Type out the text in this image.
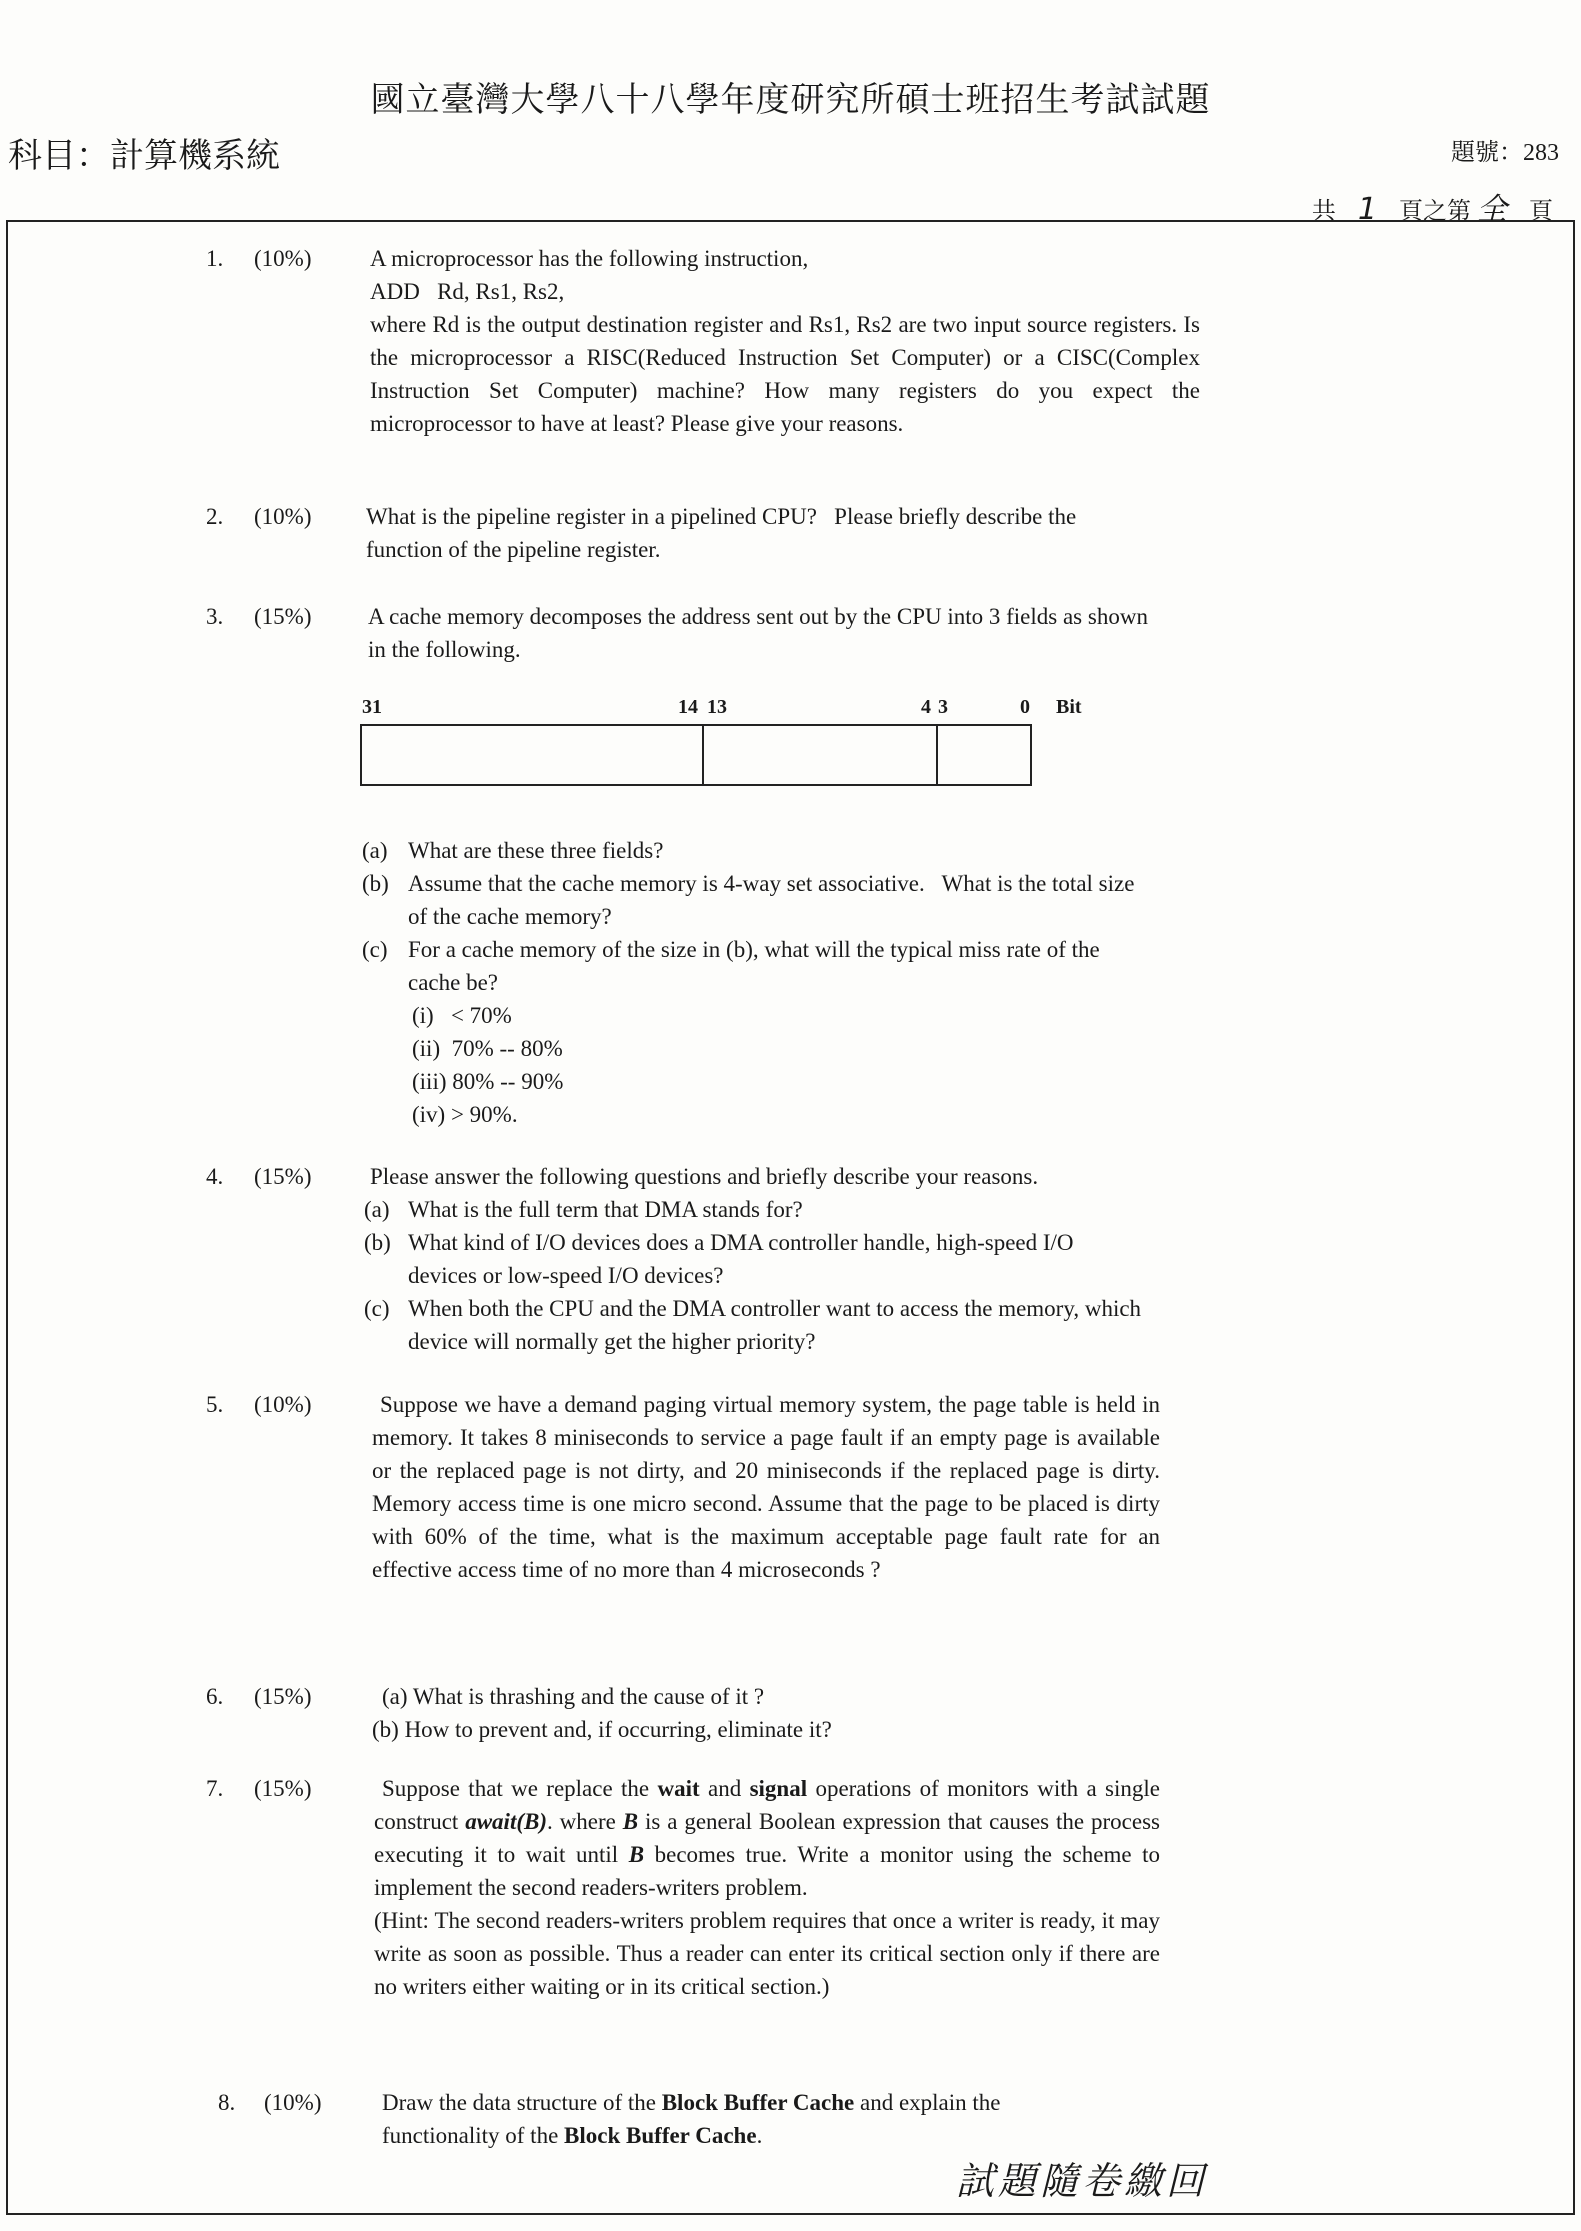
國立臺灣大學八十八學年度研究所碩士班招生考試試題
科目：計算機系統	題號：283
共 1 頁之第 全 頁
1. (10%)	A microprocessor has the following instruction,

ADD   Rd, Rs1, Rs2,

where Rd is the output destination register and Rs1, Rs2 are two input source registers. Is the microprocessor a RISC(Reduced Instruction Set Computer) or a CISC(Complex Instruction Set Computer) machine? How many registers do you expect the microprocessor to have at least? Please give your reasons.

2. (10%) What is the pipeline register in a pipelined CPU?   Please briefly describe the function of the pipeline register.

3. (15%) A cache memory decomposes the address sent out by the CPU into 3 fields as shown in the following.

31	14 13	4 3	0 Bit
(a) What are these three fields?

(b) Assume that the cache memory is 4-way set associative.   What is the total size of the cache memory?

(c) For a cache memory of the size in (b), what will the typical miss rate of the cache be?

(i)   < 70%

(ii)  70% -- 80%

(iii) 80% -- 90%

(iv) > 90%.

4. (15%)	Please answer the following questions and briefly describe your reasons.

(a) What is the full term that DMA stands for?

(b) What kind of I/O devices does a DMA controller handle, high-speed I/O devices or low-speed I/O devices?

(c) When both the CPU and the DMA controller want to access the memory, which device will normally get the higher priority?

5. (10%)	Suppose we have a demand paging virtual memory system, the page table is held in memory. It takes 8 miniseconds to service a page fault if an empty page is available or the replaced page is not dirty, and 20 miniseconds if the replaced page is dirty. Memory access time is one micro second. Assume that the page to be placed is dirty with 60% of the time, what is the maximum acceptable page fault rate for an effective access time of no more than 4 microseconds ?

6. (15%)	(a) What is thrashing and the cause of it ?

(b) How to prevent and, if occurring, eliminate it?

7. (15%)	Suppose that we replace the wait and signal operations of monitors with a single construct await(B). where B is a general Boolean expression that causes the process executing it to wait until B becomes true. Write a monitor using the scheme to implement the second readers-writers problem.

(Hint: The second readers-writers problem requires that once a writer is ready, it may write as soon as possible. Thus a reader can enter its critical section only if there are no writers either waiting or in its critical section.)

8. (10%)	Draw the data structure of the Block Buffer Cache and explain the functionality of the Block Buffer Cache.

試題隨卷繳回
